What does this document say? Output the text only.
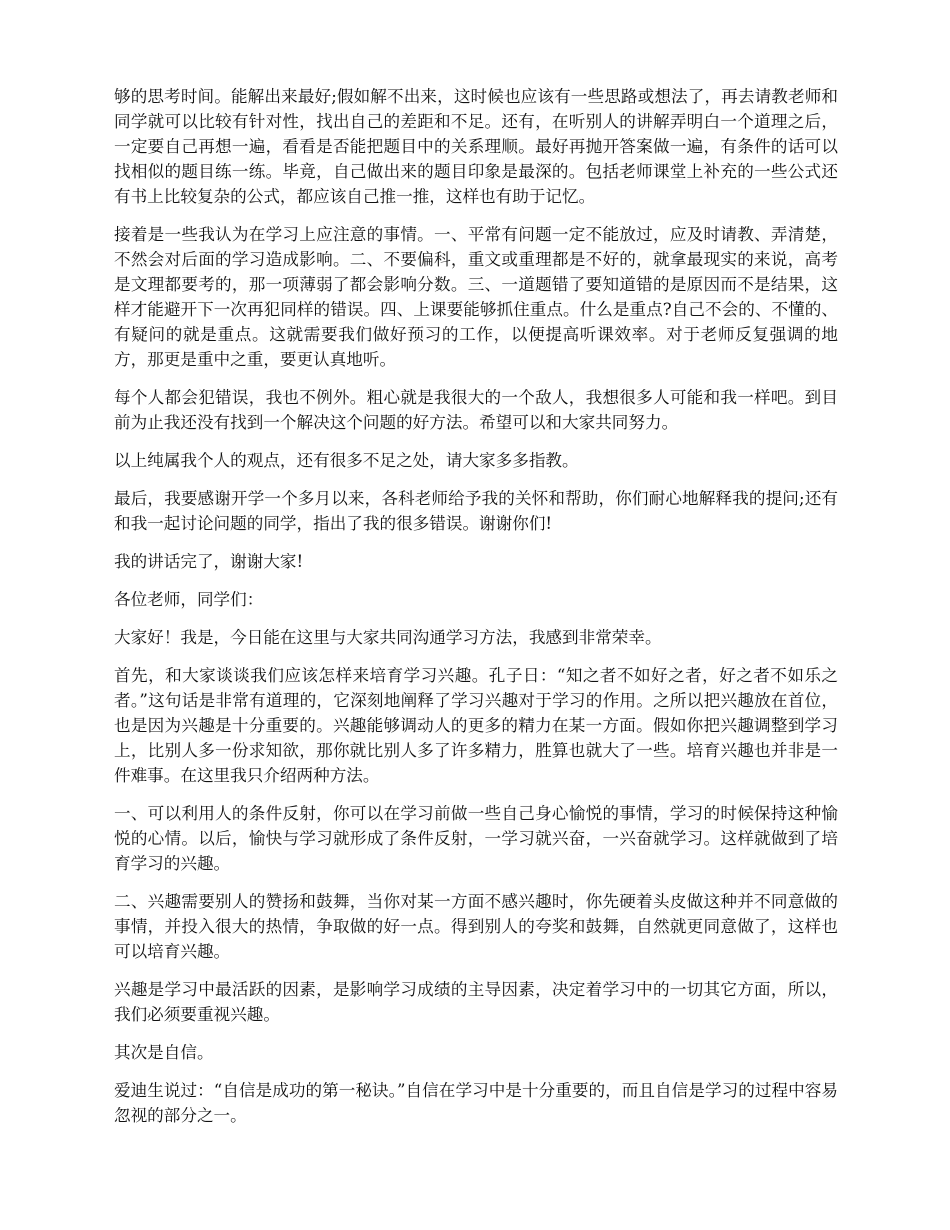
够的思考时间。能解出来最好;假如解不出来，这时候也应该有一些思路或想法了，再去请教老师和同学就可以比较有针对性，找出自己的差距和不足。还有，在听别人的讲解弄明白一个道理之后，一定要自己再想一遍，看看是否能把题目中的关系理顺。最好再抛开答案做一遍，有条件的话可以找相似的题目练一练。毕竟，自己做出来的题目印象是最深的。包括老师课堂上补充的一些公式还有书上比较复杂的公式，都应该自己推一推，这样也有助于记忆。

接着是一些我认为在学习上应注意的事情。一、平常有问题一定不能放过，应及时请教、弄清楚，不然会对后面的学习造成影响。二、不要偏科，重文或重理都是不好的，就拿最现实的来说，高考是文理都要考的，那一项薄弱了都会影响分数。三、一道题错了要知道错的是原因而不是结果，这样才能避开下一次再犯同样的错误。四、上课要能够抓住重点。什么是重点?自己不会的、不懂的、有疑问的就是重点。这就需要我们做好预习的工作，以便提高听课效率。对于老师反复强调的地方，那更是重中之重，要更认真地听。

每个人都会犯错误，我也不例外。粗心就是我很大的一个敌人，我想很多人可能和我一样吧。到目前为止我还没有找到一个解决这个问题的好方法。希望可以和大家共同努力。

以上纯属我个人的观点，还有很多不足之处，请大家多多指教。

最后，我要感谢开学一个多月以来，各科老师给予我的关怀和帮助，你们耐心地解释我的提问;还有和我一起讨论问题的同学，指出了我的很多错误。谢谢你们!

我的讲话完了，谢谢大家!

各位老师，同学们：

大家好！我是，今日能在这里与大家共同沟通学习方法，我感到非常荣幸。

首先，和大家谈谈我们应该怎样来培育学习兴趣。孔子日：“知之者不如好之者，好之者不如乐之者。”这句话是非常有道理的，它深刻地阐释了学习兴趣对于学习的作用。之所以把兴趣放在首位，也是因为兴趣是十分重要的。兴趣能够调动人的更多的精力在某一方面。假如你把兴趣调整到学习上，比别人多一份求知欲，那你就比别人多了许多精力，胜算也就大了一些。培育兴趣也并非是一件难事。在这里我只介绍两种方法。

一、可以利用人的条件反射，你可以在学习前做一些自己身心愉悦的事情，学习的时候保持这种愉悦的心情。以后，愉快与学习就形成了条件反射，一学习就兴奋，一兴奋就学习。这样就做到了培育学习的兴趣。

二、兴趣需要别人的赞扬和鼓舞，当你对某一方面不感兴趣时，你先硬着头皮做这种并不同意做的事情，并投入很大的热情，争取做的好一点。得到别人的夸奖和鼓舞，自然就更同意做了，这样也可以培育兴趣。

兴趣是学习中最活跃的因素，是影响学习成绩的主导因素，决定着学习中的一切其它方面，所以，我们必须要重视兴趣。

其次是自信。

爱迪生说过：“自信是成功的第一秘诀。”自信在学习中是十分重要的，而且自信是学习的过程中容易忽视的部分之一。
